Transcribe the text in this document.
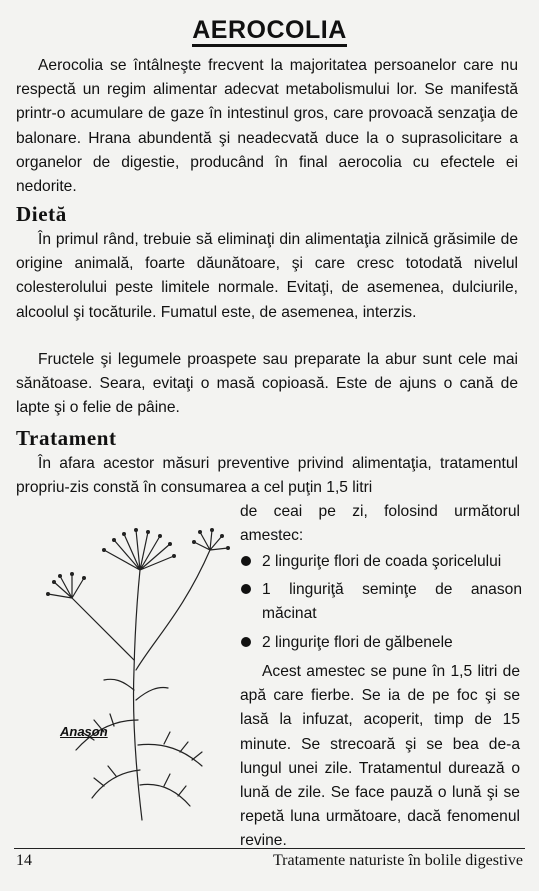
AEROCOLIA

Aerocolia se întâlneşte frecvent la majoritatea persoanelor care nu respectă un regim alimentar adecvat metabolismului lor. Se manifestă printr-o acumulare de gaze în intestinul gros, care provoacă senzaţia de balonare. Hrana abundentă şi neadecvată duce la o suprasolicitare a organelor de digestie, producând în final aerocolia cu efectele ei nedorite.

Dietă

În primul rând, trebuie să eliminaţi din alimentaţia zilnică grăsimile de origine animală, foarte dăunătoare, şi care cresc totodată nivelul colesterolului peste limitele normale. Evitaţi, de asemenea, dulciurile, alcoolul şi tocăturile. Fumatul este, de asemenea, interzis.

Fructele şi legumele proaspete sau preparate la abur sunt cele mai sănătoase. Seara, evitaţi o masă copioasă. Este de ajuns o cană de lapte şi o felie de pâine.

Tratament

În afara acestor măsuri preventive privind alimentaţia, tratamentul propriu-zis constă în consumarea a cel puţin 1,5 litri

de ceai pe zi, folosind următorul amestec:

2 linguriţe flori de coada şoricelului
1 linguriţă seminţe de anason măcinat
2 linguriţe flori de gălbenele

Acest amestec se pune în 1,5 litri de apă care fierbe. Se ia de pe foc şi se lasă la infuzat, acoperit, timp de 15 minute. Se strecoară şi se bea de-a lungul unei zile. Tratamentul durează o lună de zile. Se face pauză o lună şi se repetă luna următoare, dacă fenomenul revine.

Anason
14	Tratamente naturiste în bolile digestive
